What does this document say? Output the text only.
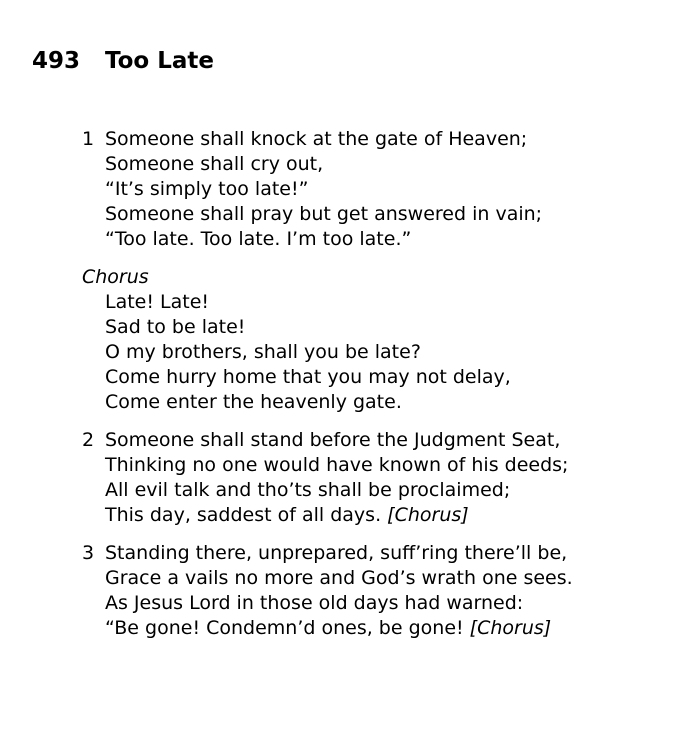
493 Too Late
1 Someone shall knock at the gate of Heaven;
Someone shall cry out,
“It’s simply too late!”
Someone shall pray but get answered in vain;
“Too late. Too late. I’m too late.”
Chorus
Late! Late!
Sad to be late!
O my brothers, shall you be late?
Come hurry home that you may not delay,
Come enter the heavenly gate.
2 Someone shall stand before the Judgment Seat,
Thinking no one would have known of his deeds;
All evil talk and tho’ts shall be proclaimed;
This day, saddest of all days. [Chorus]
3 Standing there, unprepared, suff’ring there’ll be,
Grace a vails no more and God’s wrath one sees.
As Jesus Lord in those old days had warned:
“Be gone! Condemn’d ones, be gone! [Chorus]
